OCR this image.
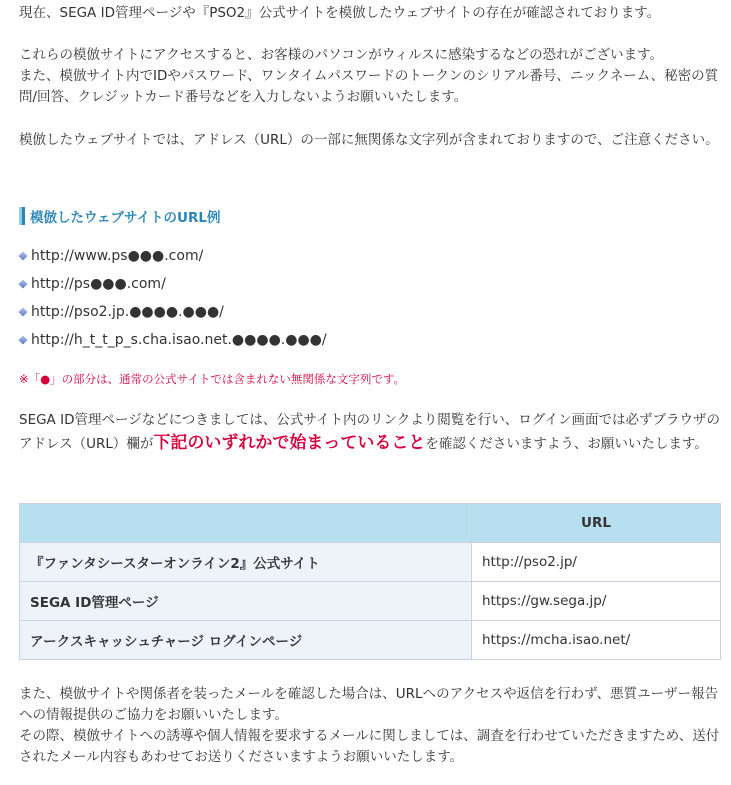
現在、SEGA ID管理ページや『PSO2』公式サイトを模倣したウェブサイトの存在が確認されております。

これらの模倣サイトにアクセスすると、お客様のパソコンがウィルスに感染するなどの恐れがございます。
また、模倣サイト内でIDやパスワード、ワンタイムパスワードのトークンのシリアル番号、ニックネーム、秘密の質問/回答、クレジットカード番号などを入力しないようお願いいたします。

模倣したウェブサイトでは、アドレス（URL）の一部に無関係な文字列が含まれておりますので、ご注意ください。

模倣したウェブサイトのURL例
http://www.ps●●●.com/
http://ps●●●.com/
http://pso2.jp.●●●●.●●●/
http://h_t_t_p_s.cha.isao.net.●●●●.●●●/
※「●」の部分は、通常の公式サイトでは含まれない無関係な文字列です。

SEGA ID管理ページなどにつきましては、公式サイト内のリンクより閲覧を行い、ログイン画面では必ずブラウザのアドレス（URL）欄が下記のいずれかで始まっていることを確認くださいますよう、お願いいたします。

	URL
『ファンタシースターオンライン2』公式サイト	http://pso2.jp/
SEGA ID管理ページ	https://gw.sega.jp/
アークスキャッシュチャージ ログインページ	https://mcha.isao.net/

また、模倣サイトや関係者を装ったメールを確認した場合は、URLへのアクセスや返信を行わず、悪質ユーザー報告への情報提供のご協力をお願いいたします。
その際、模倣サイトへの誘導や個人情報を要求するメールに関しましては、調査を行わせていただきますため、送付されたメール内容もあわせてお送りくださいますようお願いいたします。
